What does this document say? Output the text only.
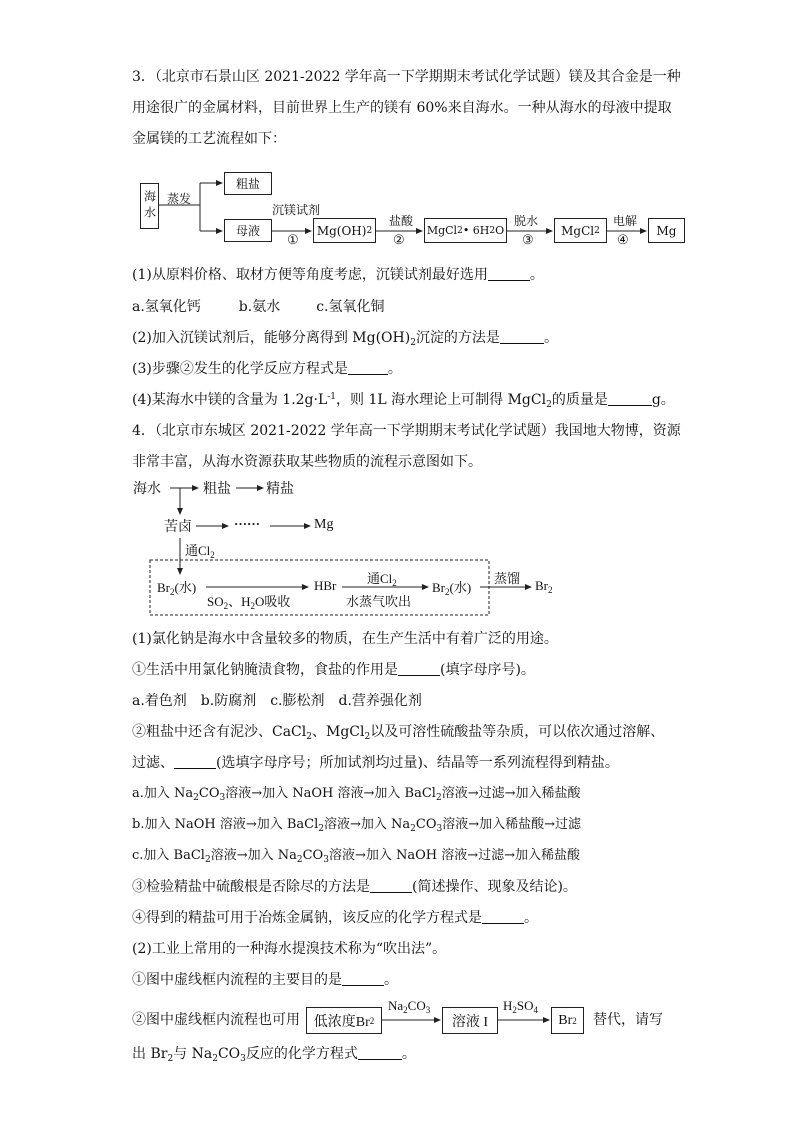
3．（北京市石景山区 2021-2022 学年高一下学期期末考试化学试题）镁及其合金是一种
用途很广的金属材料，目前世界上生产的镁有 60%来自海水。一种从海水的母液中提取
金属镁的工艺流程如下：
海水 蒸发
粗盐
母液
沉镁试剂
①
Mg(OH) 2
盐酸
②
MgCl 2 • 6H 2 O
脱水
③
MgCl 2
电解
④
Mg
(1)从原料价格、取材方便等角度考虑，沉镁试剂最好选用	。
a.氢氧化钙	b.氨水	c.氢氧化铜
(2)加入沉镁试剂后，能够分离得到 $Mg(OH)_2$沉淀的方法是	。
(3)步骤②发生的化学反应方程式是	。
(4)某海水中镁的含量为 $1.2g\cdot L^{-1}$，则 1L 海水理论上可制得 MgCl$_2$的质量是	g。
4．（北京市东城区 2021-2022 学年高一下学期期末考试化学试题）我国地大物博，资源
非常丰富，从海水资源获取某些物质的流程示意图如下。
海水	粗盐	精盐
苦卤	……	Mg
通$Cl_2$
$Br_2$(水)
$SO_2$、$H_2O$吸收
HBr 通$Cl_2$
水蒸气吹出
$Br_2$(水)
蒸馏 $Br_2$
(1)氯化钠是海水中含量较多的物质，在生产生活中有着广泛的用途。
①生活中用氯化钠腌渍食物，食盐的作用是	(填字母序号)。
a.着色剂 b.防腐剂 c.膨松剂 d.营养强化剂
②粗盐中还含有泥沙、CaCl$_2$、MgCl$_2$以及可溶性硫酸盐等杂质，可以依次通过溶解、
过滤、	(选填字母序号；所加试剂均过量)、结晶等一系列流程得到精盐。
a.加入 $Na_2CO_3$溶液→加入 NaOH 溶液→加入 BaCl$_2$溶液→过滤→加入稀盐酸
b.加入 NaOH 溶液→加入 BaCl$_2$溶液→加入 $Na_2CO_3$溶液→加入稀盐酸→过滤
c.加入 BaCl$_2$溶液→加入 $Na_2CO_3$溶液→加入 NaOH 溶液→过滤→加入稀盐酸
③检验精盐中硫酸根是否除尽的方法是	(简述操作、现象及结论)。
④得到的精盐可用于冶炼金属钠，该反应的化学方程式是	。
(2)工业上常用的一种海水提溴技术称为“吹出法”。
①图中虚线框内流程的主要目的是	。
②图中虚线框内流程也可用 低浓度Br 2
$Na_2CO_3$
溶液 I
$H_2SO_4$
Br 2 替代，请写
出 $Br_2$与 $Na_2CO_3$反应的化学方程式	。
